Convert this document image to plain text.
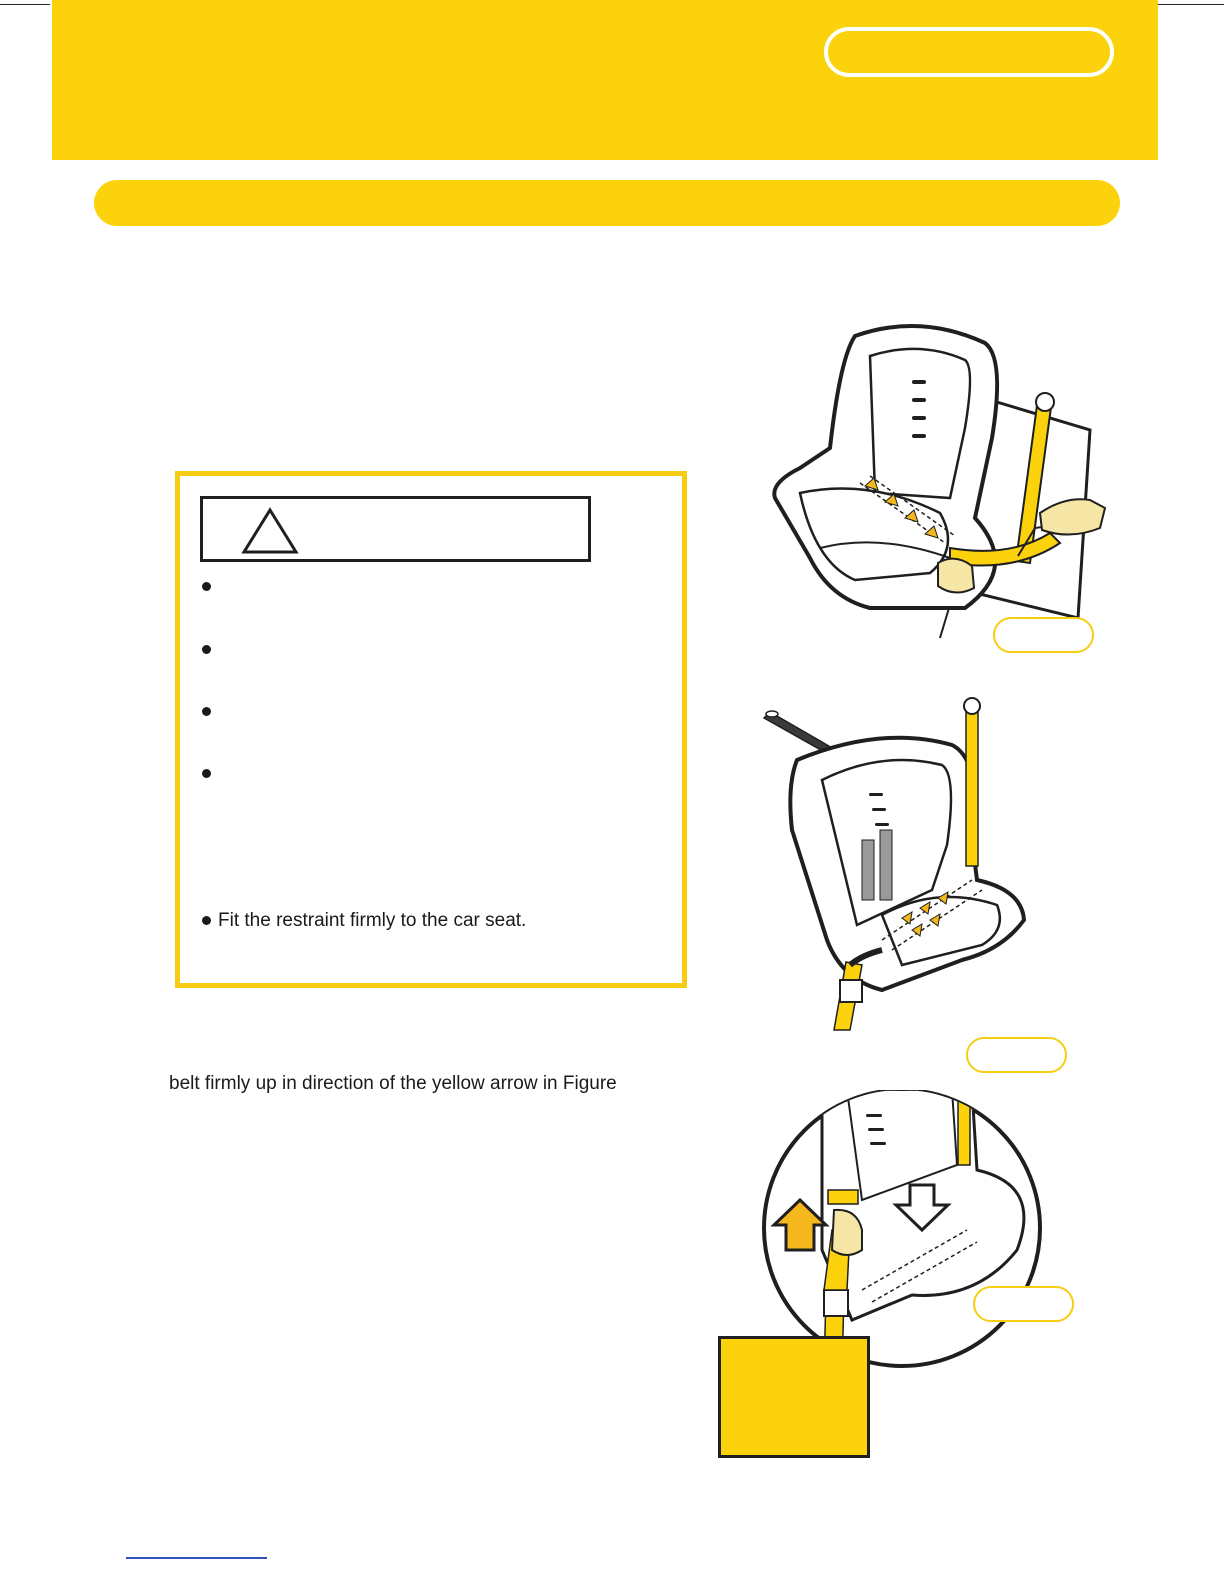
Fit the restraint firmly to the car seat.
belt firmly up in direction of the yellow arrow in Figure
